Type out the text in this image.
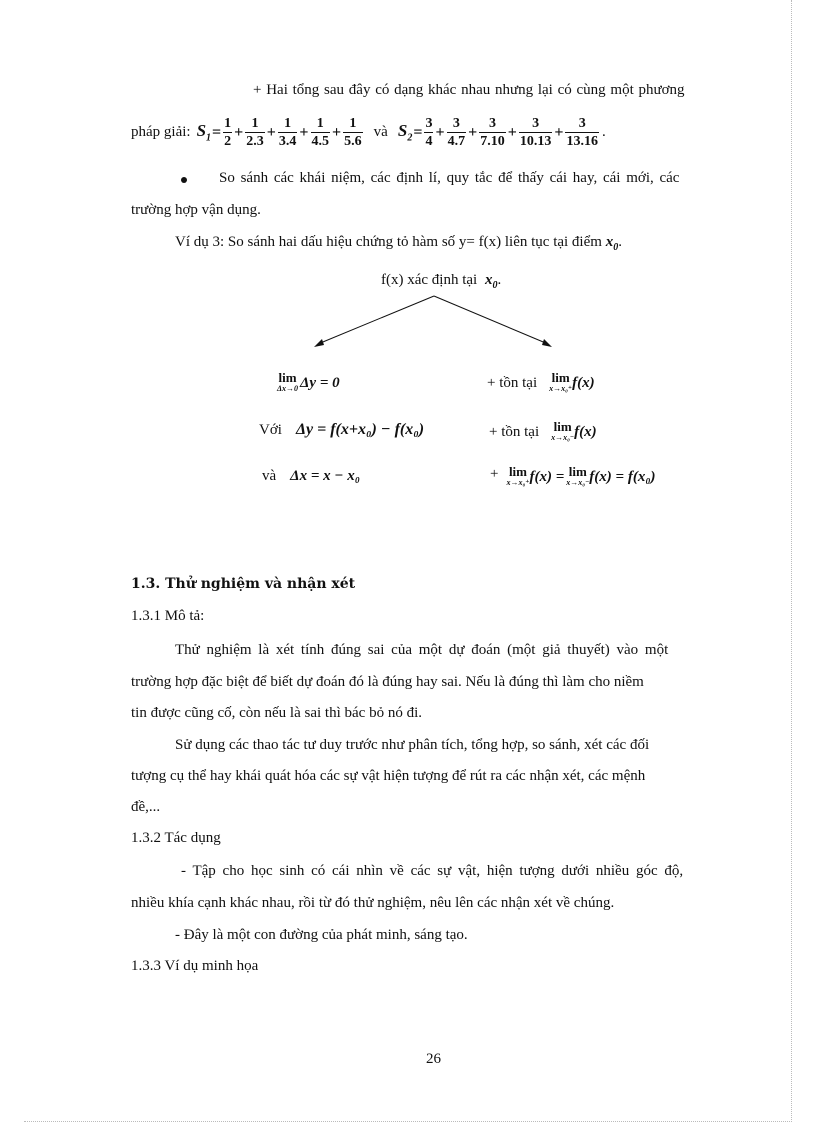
+ Hai tổng sau đây có dạng khác nhau nhưng lại có cùng một phương
pháp giải: $S_1 = \frac{1}{2} + \frac{1}{2.3} + \frac{1}{3.4} + \frac{1}{4.5} + \frac{1}{5.6}$ và $S_2 = \frac{3}{4} + \frac{3}{4.7} + \frac{3}{7.10} + \frac{3}{10.13} + \frac{3}{13.16}$ .
So sánh các khái niệm, các định lí, quy tắc để thấy cái hay, cái mới, các
trường hợp vận dụng.
Ví dụ 3: So sánh hai dấu hiệu chứng tỏ hàm số y= f(x) liên tục tại điểm $x_0$.
f(x) xác định tại $x_0$.
lim
Δx→0 Δy = 0
Với Δy = f(x+x₀) − f(x₀)
và Δx = x − x₀
+ tồn tại lim
x→x₀⁺ f(x)
+ tồn tại lim
x→x₀⁻ f(x)
+ lim
x→x₀⁺ f(x) = lim
x→x₀⁻ f(x) = f(x₀)
1.3. Thử nghiệm và nhận xét
1.3.1 Mô tả:
Thử nghiệm là xét tính đúng sai của một dự đoán (một giả thuyết) vào một
trường hợp đặc biệt để biết dự đoán đó là đúng hay sai. Nếu là đúng thì làm cho niềm
tin được cũng cố, còn nếu là sai thì bác bỏ nó đi.
Sử dụng các thao tác tư duy trước như phân tích, tổng hợp, so sánh, xét các đối
tượng cụ thể hay khái quát hóa các sự vật hiện tượng để rút ra các nhận xét, các mệnh
đề,...
1.3.2 Tác dụng
- Tập cho học sinh có cái nhìn về các sự vật, hiện tượng dưới nhiều góc độ,
nhiều khía cạnh khác nhau, rồi từ đó thử nghiệm, nêu lên các nhận xét về chúng.
- Đây là một con đường của phát minh, sáng tạo.
1.3.3 Ví dụ minh họa
26
